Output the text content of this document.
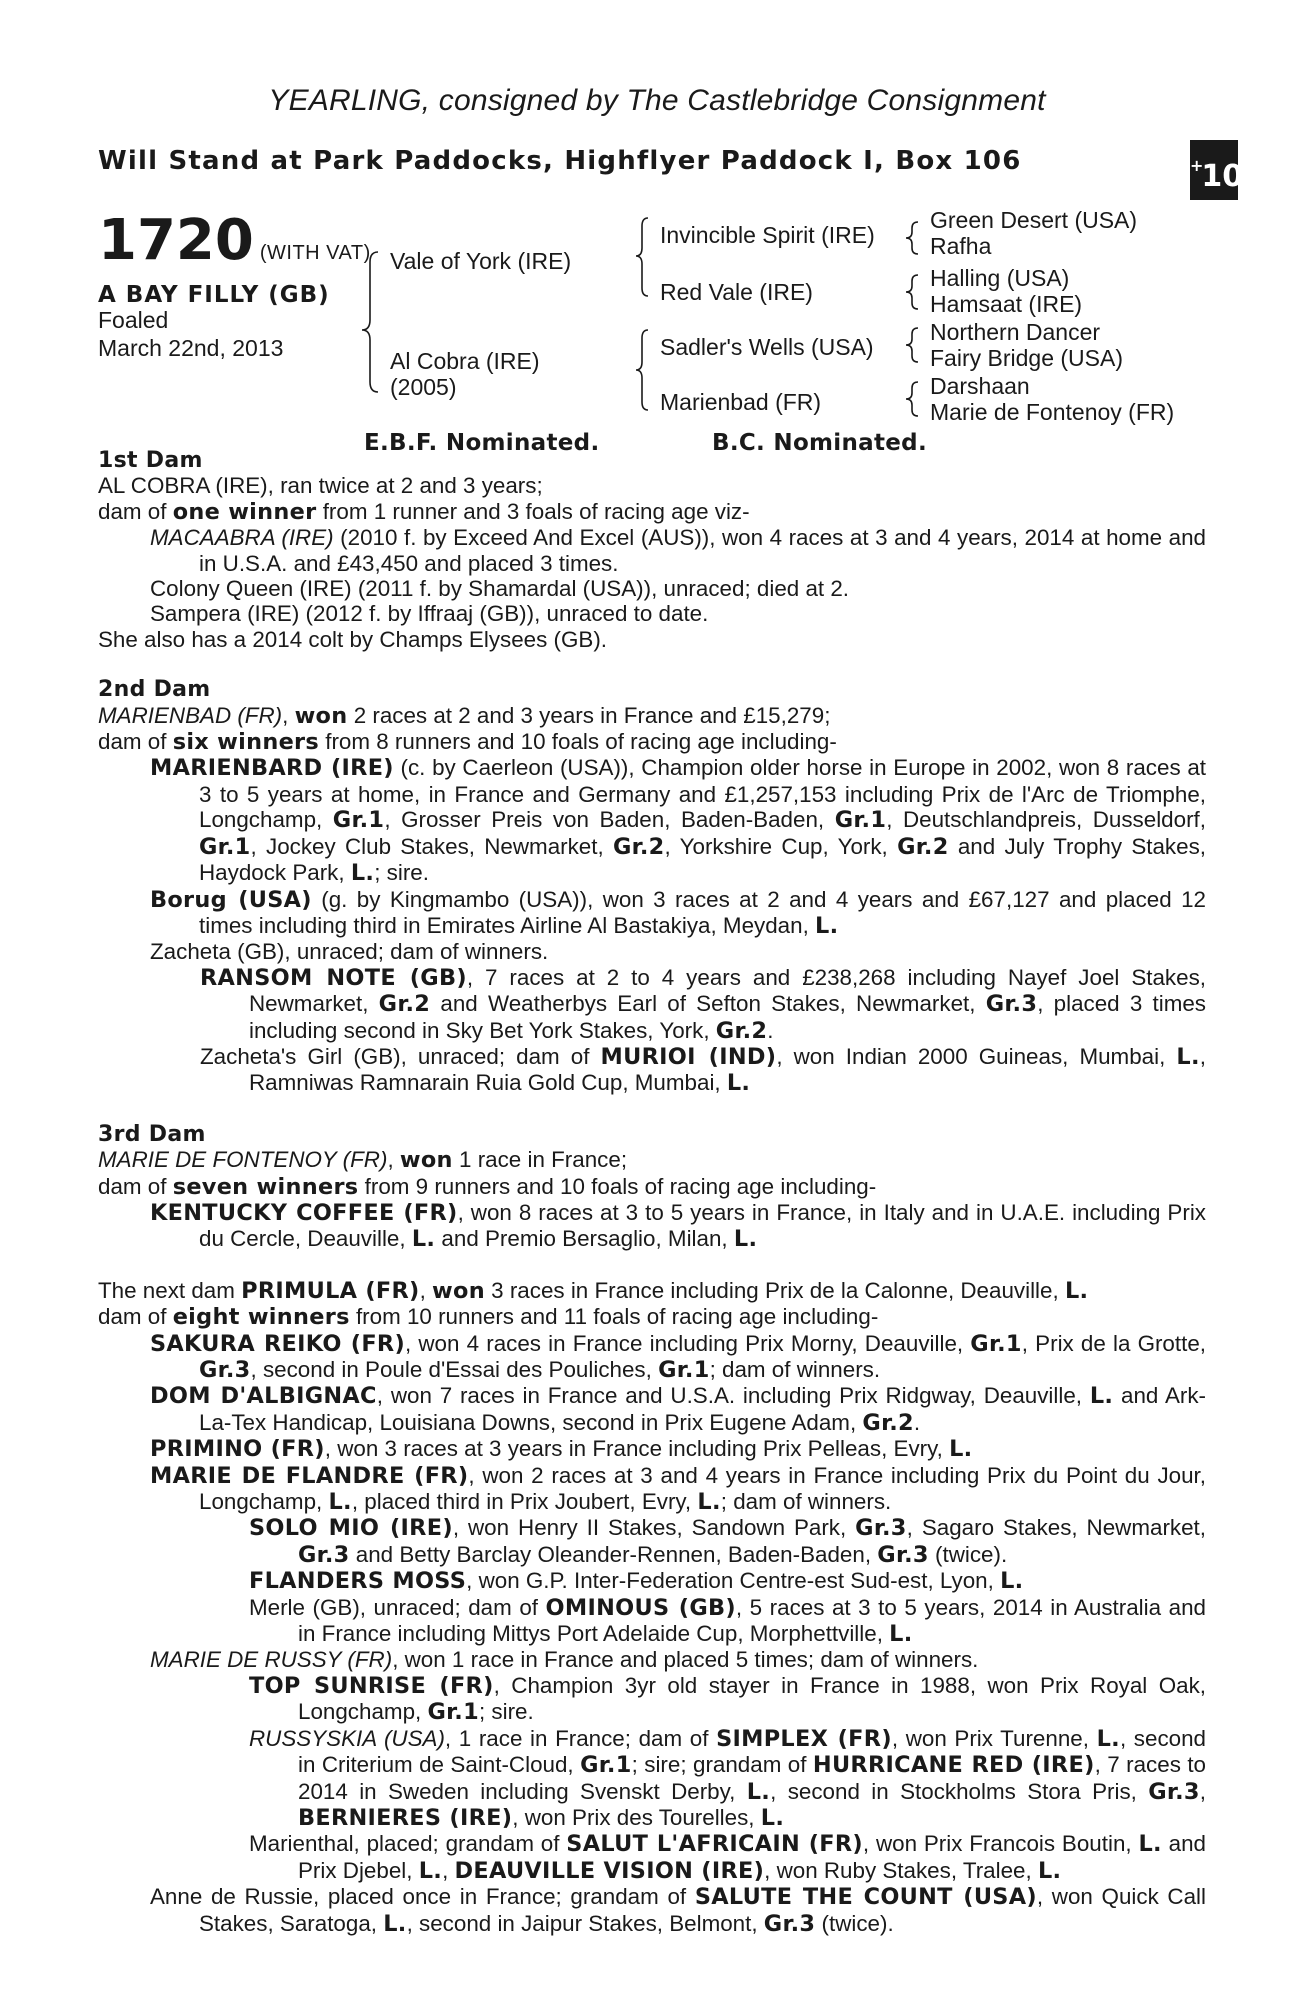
YEARLING, consigned by The Castlebridge Consignment
Will Stand at Park Paddocks, Highflyer Paddock I, Box 106	+10
1720 (WITH VAT)
A BAY FILLY (GB)
Foaled
March 22nd, 2013
Vale of York (IRE)
Al Cobra (IRE)
(2005)
Invincible Spirit (IRE)
Red Vale (IRE)
Sadler's Wells (USA)
Marienbad (FR)
Green Desert (USA)
Rafha
Halling (USA)
Hamsaat (IRE)
Northern Dancer
Fairy Bridge (USA)
Darshaan
Marie de Fontenoy (FR)
E.B.F. Nominated.	B.C. Nominated.

1st Dam

AL COBRA (IRE), ran twice at 2 and 3 years;

dam of one winner from 1 runner and 3 foals of racing age viz-

MACAABRA (IRE) (2010 f. by Exceed And Excel (AUS)), won 4 races at 3 and 4 years, 2014 at home and in U.S.A. and £43,450 and placed 3 times.

Colony Queen (IRE) (2011 f. by Shamardal (USA)), unraced; died at 2.

Sampera (IRE) (2012 f. by Iffraaj (GB)), unraced to date.

She also has a 2014 colt by Champs Elysees (GB).

2nd Dam

MARIENBAD (FR), won 2 races at 2 and 3 years in France and £15,279;

dam of six winners from 8 runners and 10 foals of racing age including-

MARIENBARD (IRE) (c. by Caerleon (USA)), Champion older horse in Europe in 2002, won 8 races at 3 to 5 years at home, in France and Germany and £1,257,153 including Prix de l'Arc de Triomphe, Longchamp, Gr.1, Grosser Preis von Baden, Baden-Baden, Gr.1, Deutschlandpreis, Dusseldorf, Gr.1, Jockey Club Stakes, Newmarket, Gr.2, Yorkshire Cup, York, Gr.2 and July Trophy Stakes, Haydock Park, L.; sire.

Borug (USA) (g. by Kingmambo (USA)), won 3 races at 2 and 4 years and £67,127 and placed 12 times including third in Emirates Airline Al Bastakiya, Meydan, L.

Zacheta (GB), unraced; dam of winners.

RANSOM NOTE (GB), 7 races at 2 to 4 years and £238,268 including Nayef Joel Stakes, Newmarket, Gr.2 and Weatherbys Earl of Sefton Stakes, Newmarket, Gr.3, placed 3 times including second in Sky Bet York Stakes, York, Gr.2.

Zacheta's Girl (GB), unraced; dam of MURIOI (IND), won Indian 2000 Guineas, Mumbai, L., Ramniwas Ramnarain Ruia Gold Cup, Mumbai, L.

3rd Dam

MARIE DE FONTENOY (FR), won 1 race in France;

dam of seven winners from 9 runners and 10 foals of racing age including-

KENTUCKY COFFEE (FR), won 8 races at 3 to 5 years in France, in Italy and in U.A.E. including Prix du Cercle, Deauville, L. and Premio Bersaglio, Milan, L.

The next dam PRIMULA (FR), won 3 races in France including Prix de la Calonne, Deauville, L.

dam of eight winners from 10 runners and 11 foals of racing age including-

SAKURA REIKO (FR), won 4 races in France including Prix Morny, Deauville, Gr.1, Prix de la Grotte, Gr.3, second in Poule d'Essai des Pouliches, Gr.1; dam of winners.

DOM D'ALBIGNAC, won 7 races in France and U.S.A. including Prix Ridgway, Deauville, L. and Ark-La-Tex Handicap, Louisiana Downs, second in Prix Eugene Adam, Gr.2.

PRIMINO (FR), won 3 races at 3 years in France including Prix Pelleas, Evry, L.

MARIE DE FLANDRE (FR), won 2 races at 3 and 4 years in France including Prix du Point du Jour, Longchamp, L., placed third in Prix Joubert, Evry, L.; dam of winners.

SOLO MIO (IRE), won Henry II Stakes, Sandown Park, Gr.3, Sagaro Stakes, Newmarket, Gr.3 and Betty Barclay Oleander-Rennen, Baden-Baden, Gr.3 (twice).

FLANDERS MOSS, won G.P. Inter-Federation Centre-est Sud-est, Lyon, L.

Merle (GB), unraced; dam of OMINOUS (GB), 5 races at 3 to 5 years, 2014 in Australia and in France including Mittys Port Adelaide Cup, Morphettville, L.

MARIE DE RUSSY (FR), won 1 race in France and placed 5 times; dam of winners.

TOP SUNRISE (FR), Champion 3yr old stayer in France in 1988, won Prix Royal Oak, Longchamp, Gr.1; sire.

RUSSYSKIA (USA), 1 race in France; dam of SIMPLEX (FR), won Prix Turenne, L., second in Criterium de Saint-Cloud, Gr.1; sire; grandam of HURRICANE RED (IRE), 7 races to 2014 in Sweden including Svenskt Derby, L., second in Stockholms Stora Pris, Gr.3, BERNIERES (IRE), won Prix des Tourelles, L.

Marienthal, placed; grandam of SALUT L'AFRICAIN (FR), won Prix Francois Boutin, L. and Prix Djebel, L., DEAUVILLE VISION (IRE), won Ruby Stakes, Tralee, L.

Anne de Russie, placed once in France; grandam of SALUTE THE COUNT (USA), won Quick Call Stakes, Saratoga, L., second in Jaipur Stakes, Belmont, Gr.3 (twice).
